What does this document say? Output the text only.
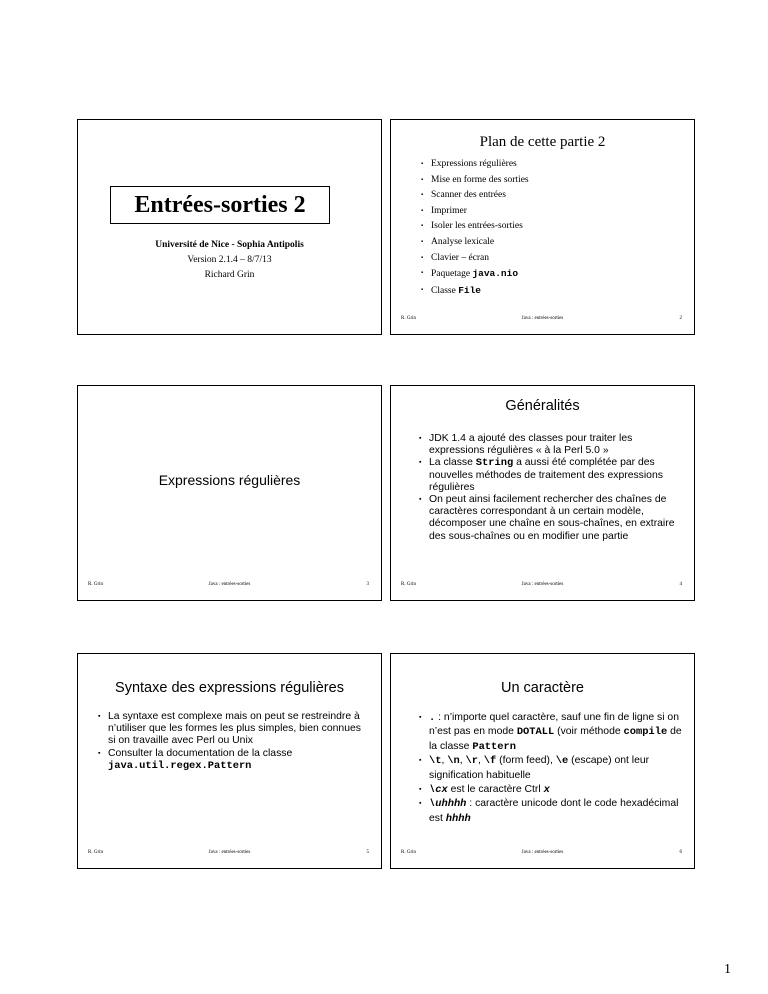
Entrées-sorties 2
Université de Nice - Sophia Antipolis
Version 2.1.4 – 8/7/13
Richard Grin
Plan de cette partie 2
▪ Expressions régulières
▪ Mise en forme des sorties
▪ Scanner des entrées
▪ Imprimer
▪ Isoler les entrées-sorties
▪ Analyse lexicale
▪ Clavier – écran
▪ Paquetage java.nio
▪ Classe File
R. Grin	Java : entrées-sorties	2
Expressions régulières
R. Grin	Java : entrées-sorties	3
Généralités
▪ JDK 1.4 a ajouté des classes pour traiter les expressions régulières « à la Perl 5.0 »
▪ La classe String a aussi été complétée par des nouvelles méthodes de traitement des expressions régulières
▪ On peut ainsi facilement rechercher des chaînes de caractères correspondant à un certain modèle, décomposer une chaîne en sous-chaînes, en extraire des sous-chaînes ou en modifier une partie
R. Grin	Java : entrées-sorties	4
Syntaxe des expressions régulières
▪ La syntaxe est complexe mais on peut se restreindre à n’utiliser que les formes les plus simples, bien connues si on travaille avec Perl ou Unix
▪ Consulter la documentation de la classe
java.util.regex.Pattern
R. Grin	Java : entrées-sorties	5
Un caractère
▪ . : n’importe quel caractère, sauf une fin de ligne si on n’est pas en mode DOTALL (voir méthode compile de la classe Pattern
▪ \t, \n, \r, \f (form feed), \e (escape) ont leur signification habituelle
▪ \cx est le caractère Ctrl x
▪ \uhhhh : caractère unicode dont le code hexadécimal est hhhh
R. Grin	Java : entrées-sorties	6
1
